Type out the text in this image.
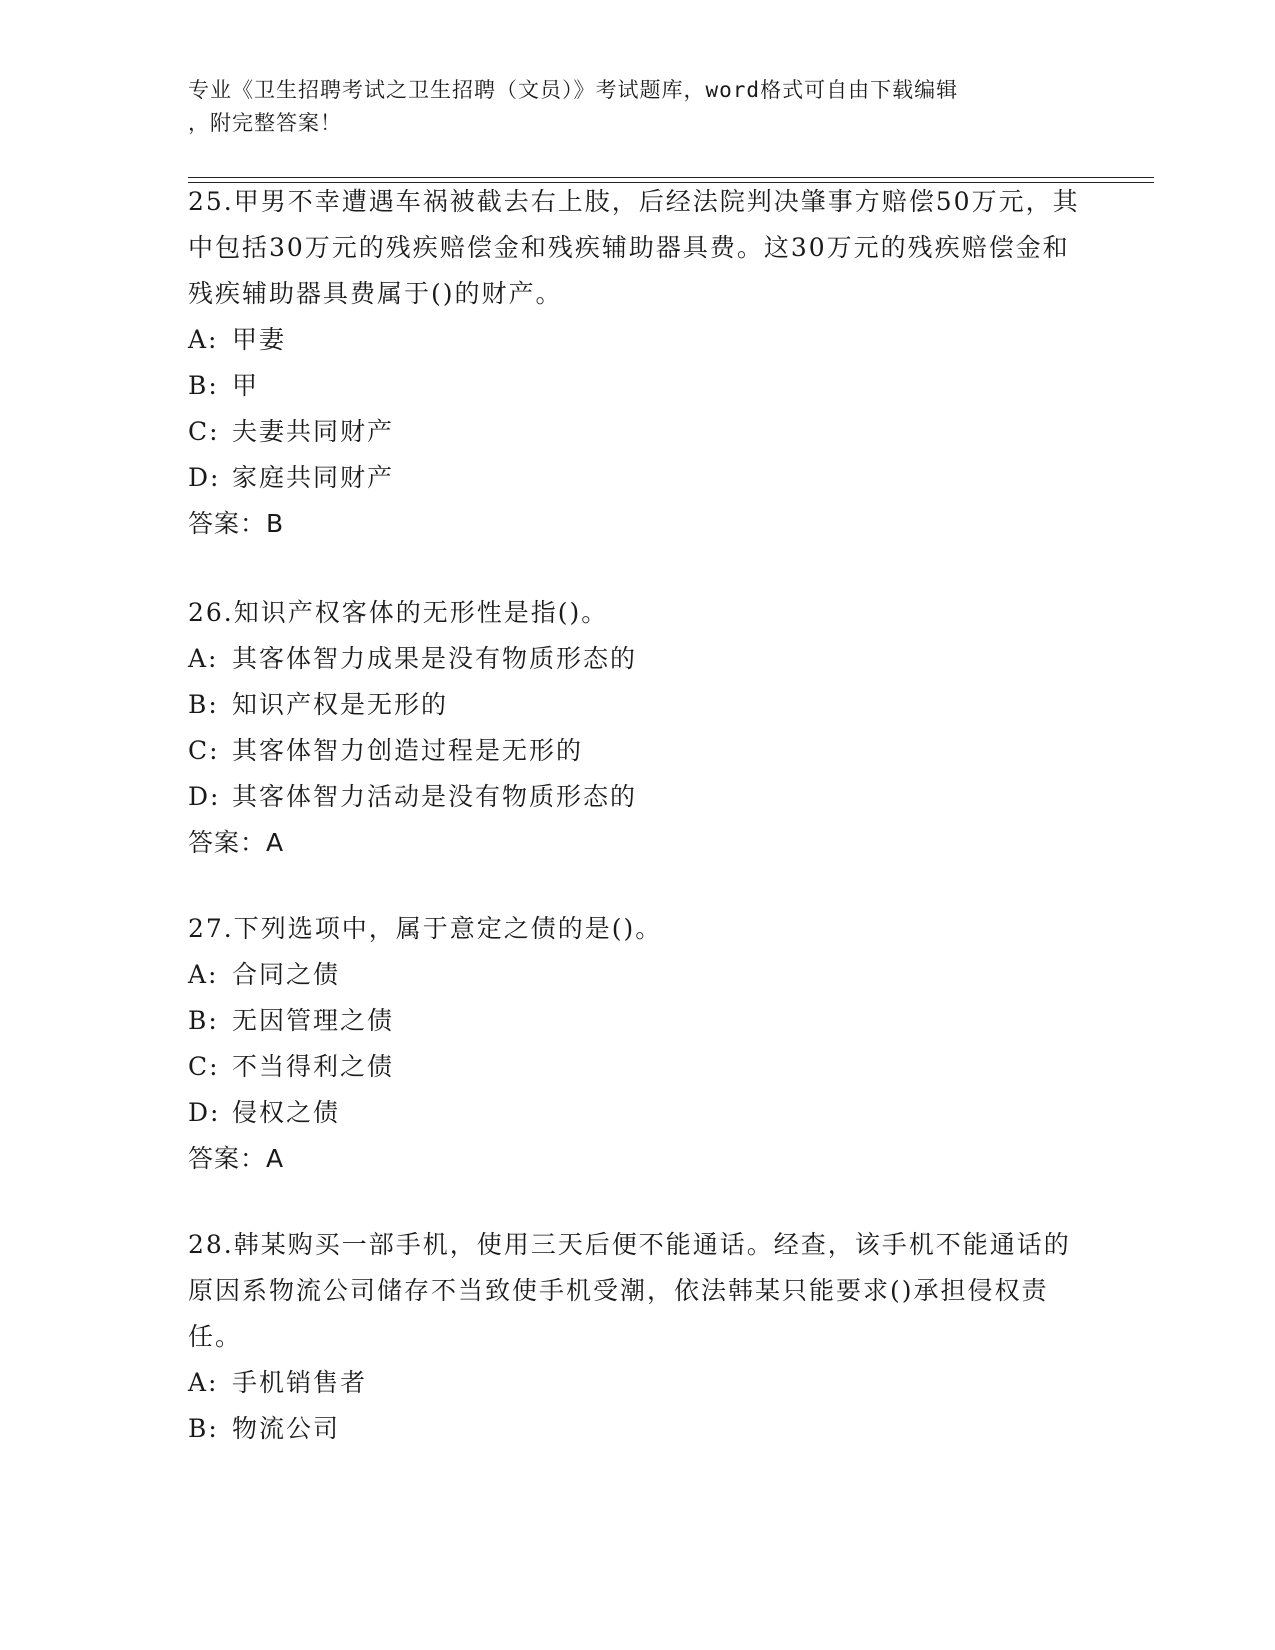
专业《卫生招聘考试之卫生招聘（文员）》考试题库，word格式可自由下载编辑
，附完整答案！

25.甲男不幸遭遇车祸被截去右上肢，后经法院判决肇事方赔偿50万元，其中包括30万元的残疾赔偿金和残疾辅助器具费。这30万元的残疾赔偿金和残疾辅助器具费属于()的财产。

A: 甲妻
B: 甲
C: 夫妻共同财产
D: 家庭共同财产
答案：B

26.知识产权客体的无形性是指()。

A: 其客体智力成果是没有物质形态的
B: 知识产权是无形的
C: 其客体智力创造过程是无形的
D: 其客体智力活动是没有物质形态的
答案：A

27.下列选项中，属于意定之债的是()。

A: 合同之债
B: 无因管理之债
C: 不当得利之债
D: 侵权之债
答案：A

28.韩某购买一部手机，使用三天后便不能通话。经查，该手机不能通话的原因系物流公司储存不当致使手机受潮，依法韩某只能要求()承担侵权责任。

A: 手机销售者
B: 物流公司
